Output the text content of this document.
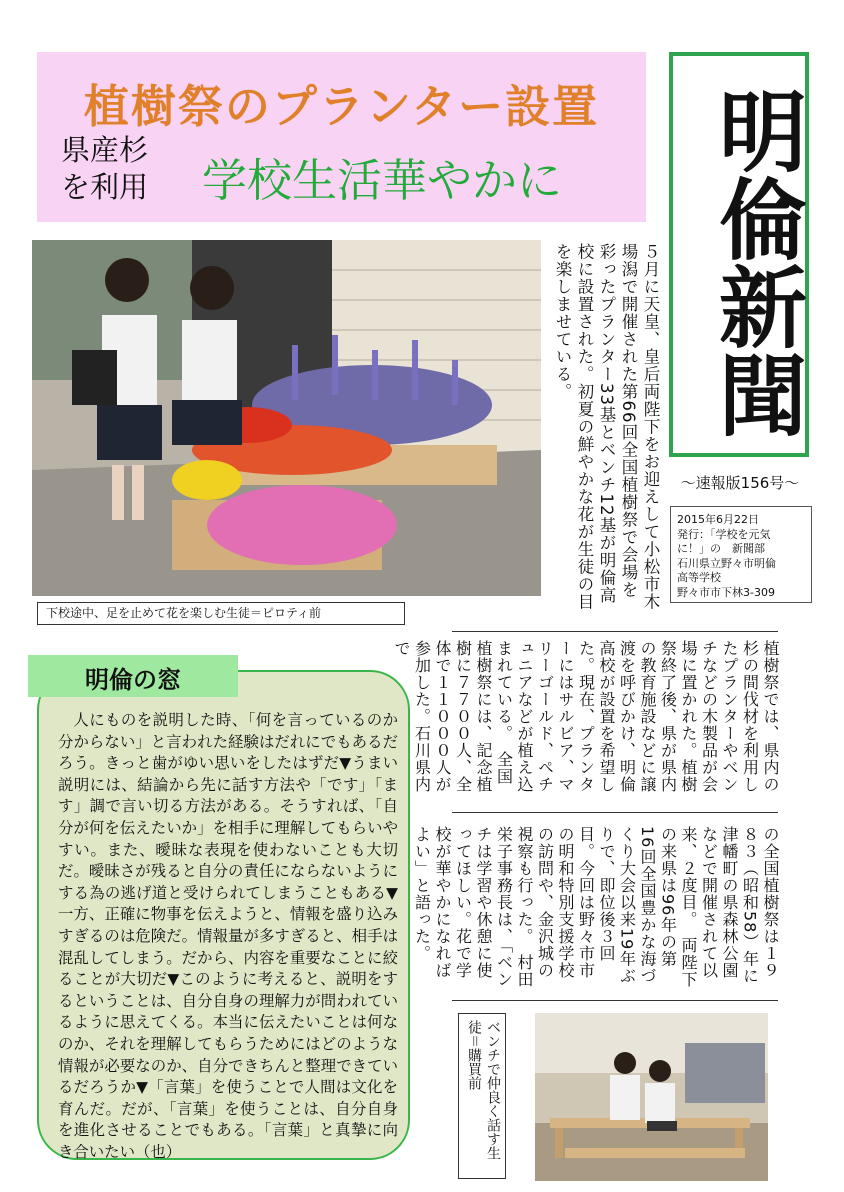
植樹祭のプランター設置
県産杉
を利用	学校生活華やかに	明倫新聞
〜速報版156号〜
2015年6月22日
発行：「学校を元気
に！」の　新聞部
石川県立野々市明倫
高等学校
野々市市下林3-309
下校途中、足を止めて花を楽しむ生徒＝ピロティ前
５月に天皇、皇后両陛下をお迎えして小松市木場潟で開催された第66回全国植樹祭で会場を彩ったプランター33基とベンチ12基が明倫高校に設置された。初夏の鮮やかな花が生徒の目を楽しませている。
植樹祭では、県内の杉の間伐材を利用したプランターやベンチなどの木製品が会場に置かれた。植樹祭終了後、県が県内の教育施設などに譲渡を呼びかけ、明倫高校が設置を希望した。現在、プランターにはサルビア、マリーゴールド、ペチュニアなどが植え込まれている。　全国植樹祭には、記念植樹に７７００人、全体で１１０００人が参加した。石川県内で
の全国植樹祭は１９８３（昭和58）年に津幡町の県森林公園などで開催されて以来、２度目。　両陛下の来県は96年の第16回全国豊かな海づくり大会以来19年ぶりで、即位後３回目。今回は野々市市の明和特別支援学校の訪問や、金沢城の視察も行った。　村田栄子事務長は、「ベンチは学習や休憩に使ってほしい。花で学校が華やかになればよい」と語った。
明倫の窓
人にものを説明した時、「何を言っているのか分からない」と言われた経験はだれにでもあるだろう。きっと歯がゆい思いをしたはずだ▼うまい説明には、結論から先に話す方法や「です」「ます」調で言い切る方法がある。そうすれば、「自分が何を伝えたいか」を相手に理解してもらいやすい。また、曖昧な表現を使わないことも大切だ。曖昧さが残ると自分の責任にならないようにする為の逃げ道と受けられてしまうこともある▼一方、正確に物事を伝えようと、情報を盛り込みすぎるのは危険だ。情報量が多すぎると、相手は混乱してしまう。だから、内容を重要なことに絞ることが大切だ▼このように考えると、説明をするということは、自分自身の理解力が問われているように思えてくる。本当に伝えたいことは何なのか、それを理解してもらうためにはどのような情報が必要なのか、自分できちんと整理できているだろうか▼「言葉」を使うことで人間は文化を育んだ。だが、「言葉」を使うことは、自分自身を進化させることでもある。「言葉」と真摯に向き合いたい（也）	ベンチで仲良く話す生徒＝購買前
